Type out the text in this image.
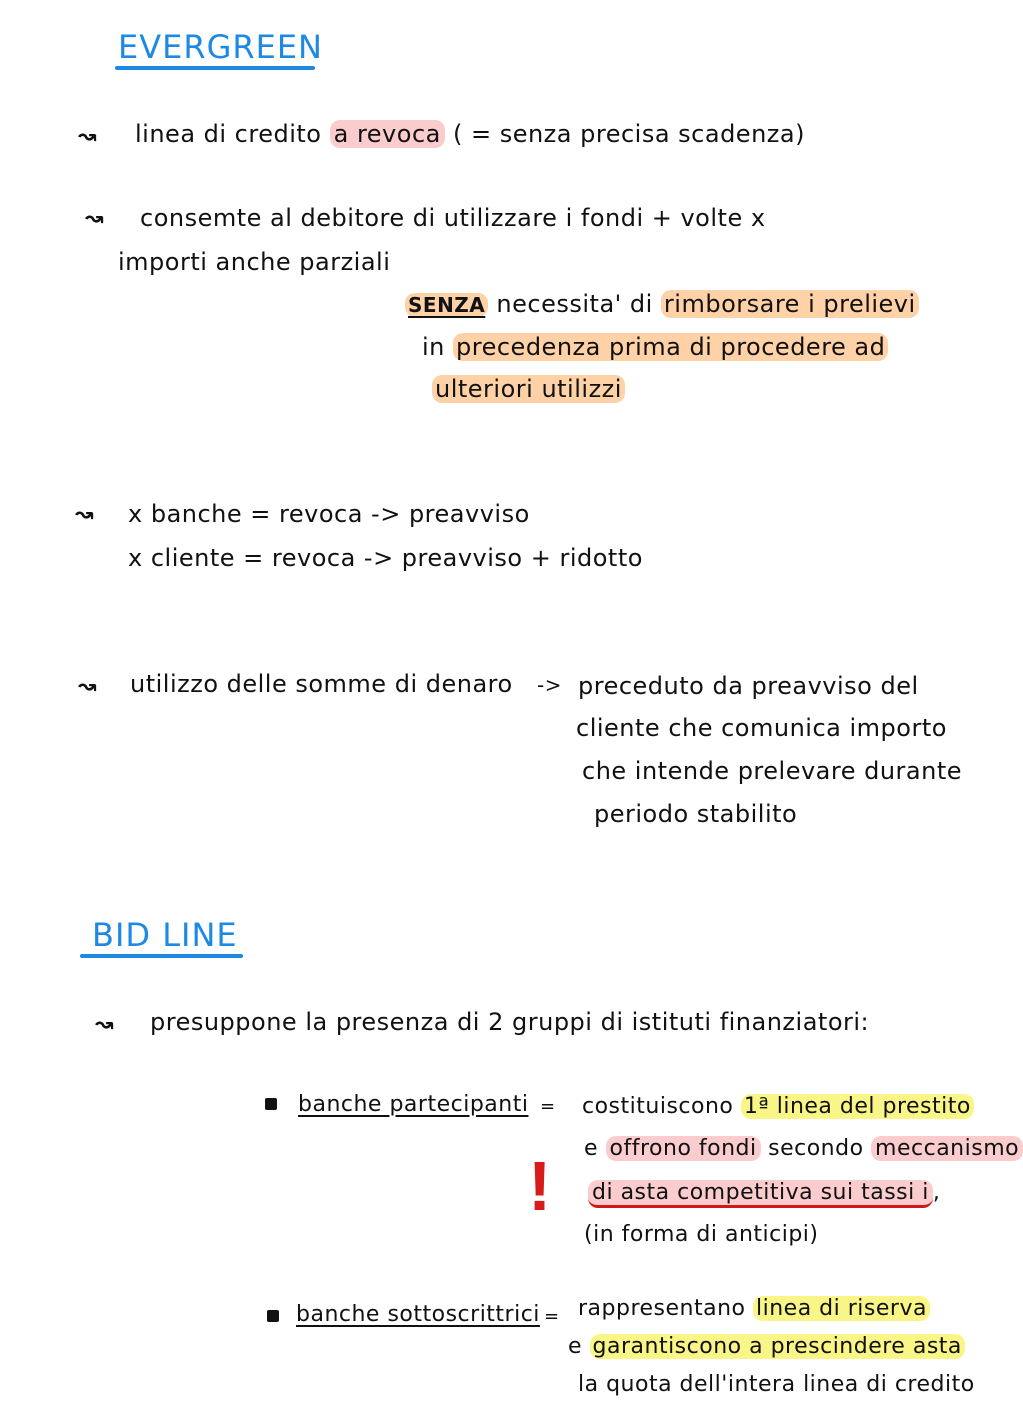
EVERGREEN
↝ linea di credito a revoca ( = senza precisa scadenza)
↝ consemte al debitore di utilizzare i fondi + volte x
importi anche parziali
SENZA necessita' di rimborsare i prelievi
in precedenza prima di procedere ad
ulteriori utilizzi
↝ x banche = revoca -> preavviso
x cliente = revoca -> preavviso + ridotto
↝ utilizzo delle somme di denaro -> preceduto da preavviso del
cliente che comunica importo
che intende prelevare durante
periodo stabilito
BID LINE
↝ presuppone la presenza di 2 gruppi di istituti finanziatori:
banche partecipanti = costituiscono 1ª linea del prestito
e offrono fondi secondo meccanismo
! di asta competitiva sui tassi i ,
(in forma di anticipi)
banche sottoscrittrici = rappresentano linea di riserva
e garantiscono a prescindere asta
la quota dell'intera linea di credito
